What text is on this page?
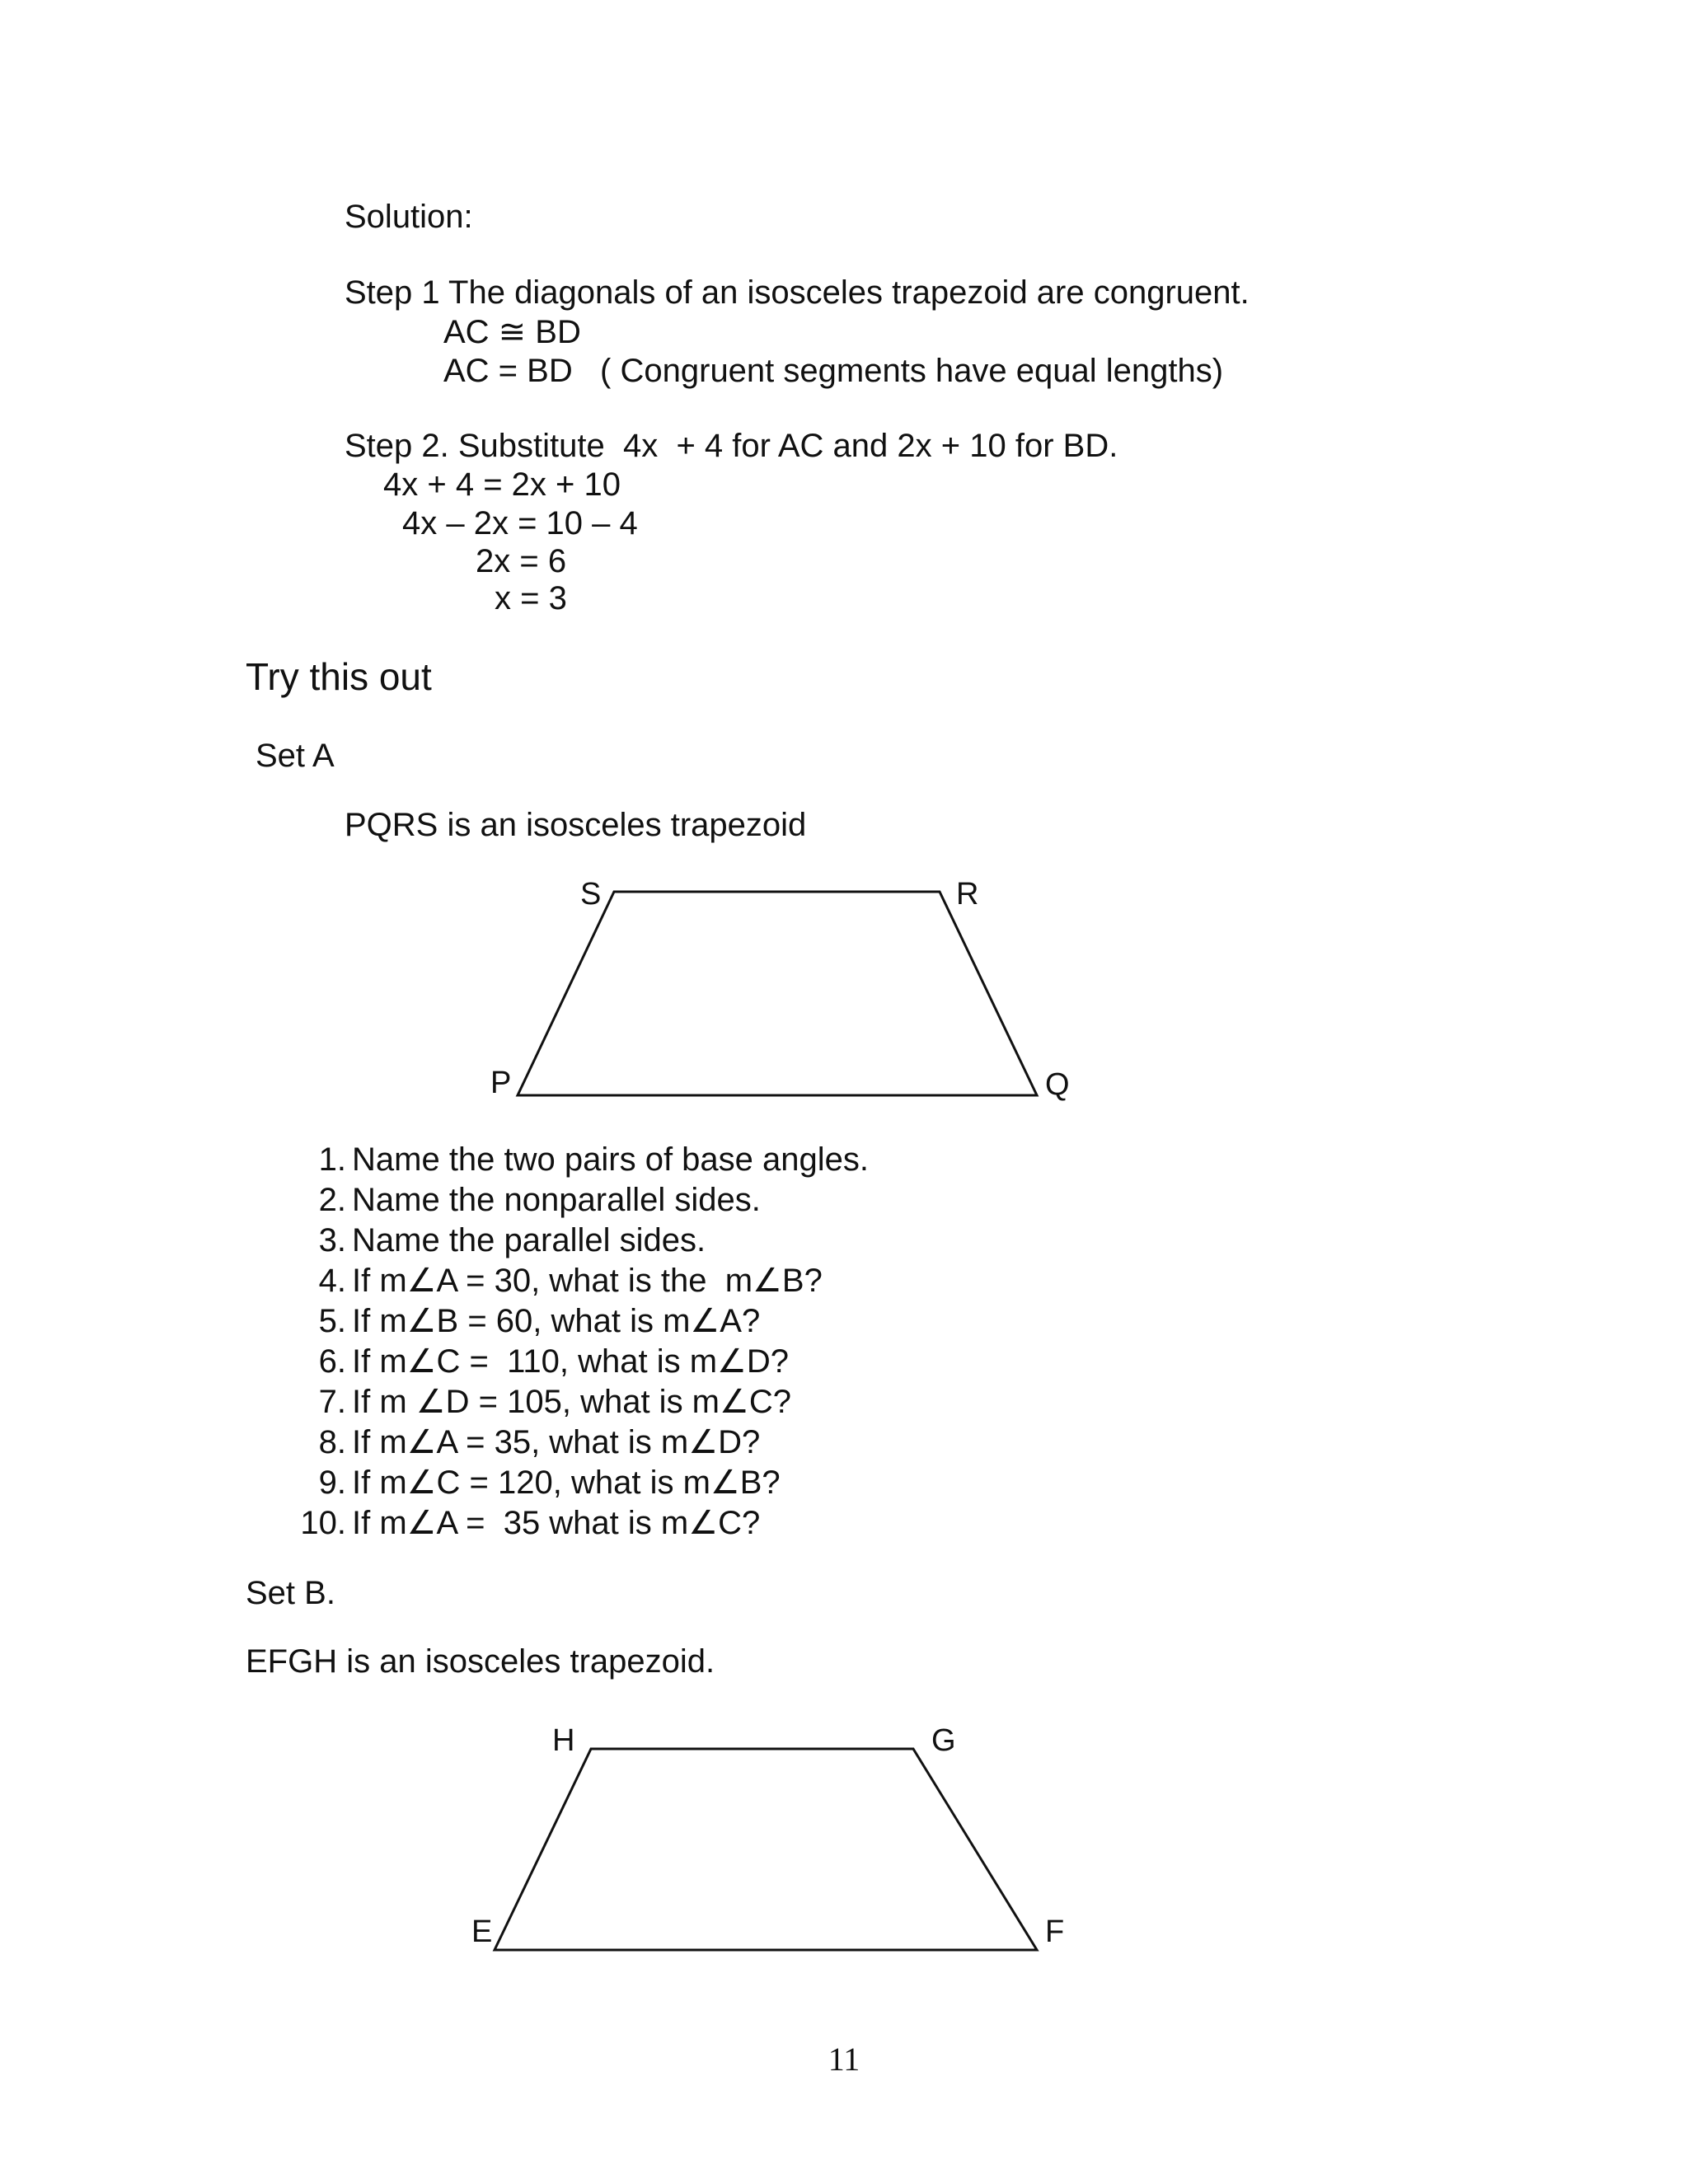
Solution:
Step 1 The diagonals of an isosceles trapezoid are congruent.
AC ≅ BD
AC = BD   ( Congruent segments have equal lengths)
Step 2. Substitute  4x  + 4 for AC and 2x + 10 for BD.
4x + 4 = 2x + 10
4x – 2x = 10 – 4
2x = 6
x = 3
Try this out
Set A
PQRS is an isosceles trapezoid
S	R
P	Q
H	G
E	F
1. Name the two pairs of base angles.
2. Name the nonparallel sides.
3. Name the parallel sides.
4. If m∠A = 30, what is the  m∠B?
5. If m∠B = 60, what is m∠A?
6. If m∠C =  110, what is m∠D?
7. If m ∠D = 105, what is m∠C?
8. If m∠A = 35, what is m∠D?
9. If m∠C = 120, what is m∠B?
10. If m∠A =  35 what is m∠C?
Set B.
EFGH is an isosceles trapezoid.
11
